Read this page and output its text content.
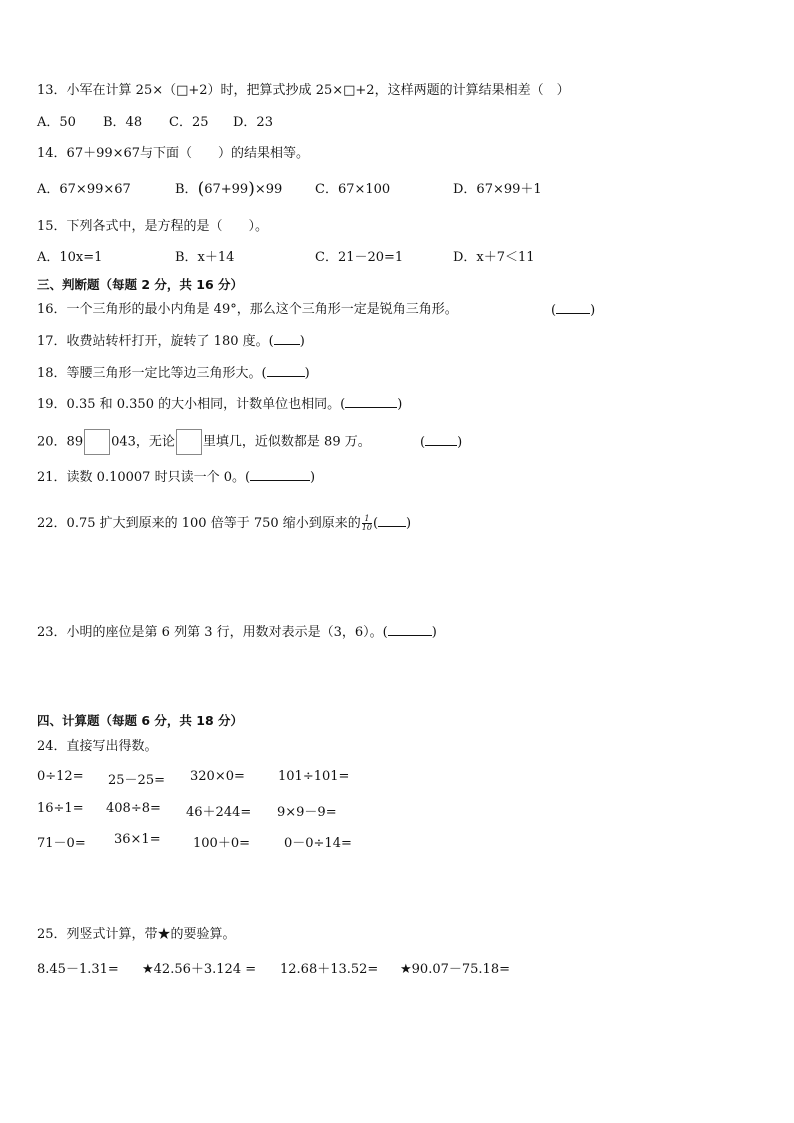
13．小军在计算 25×（□+2）时，把算式抄成 25×□+2，这样两题的计算结果相差（　）
A．50 B．48 C．25 D．23
14．67＋99×67与下面（　　）的结果相等。
A．67×99×67	B．(67+99)×99	C．67×100	D．67×99＋1
15．下列各式中，是方程的是（　　）。
A．10x=1	B．x＋14	C．21－20=1	D．x＋7＜11
三、判断题（每题 2 分，共 16 分）
16．一个三角形的最小内角是 49°，那么这个三角形一定是锐角三角形。	(	)
17．收费站转杆打开，旋转了 180 度。( )
18．等腰三角形一定比等边三角形大。(	)
19．0.35 和 0.350 的大小相同，计数单位也相同。(	)
20．89 043，无论 里填几，近似数都是 89 万。	( )
21．读数 0.10007 时只读一个 0。(	)
22．0.75 扩大到原来的 100 倍等于 750 缩小到原来的 $\frac{1}{10}$ ( )
23．小明的座位是第 6 列第 3 行，用数对表示是（3，6）。(	)
四、计算题（每题 6 分，共 18 分）
24．直接写出得数。
0÷12= 25－25= 320×0=	101÷101=
16÷1= 408÷8= 46＋244= 9×9－9=
71－0= 36×1= 100＋0=	0－0÷14=
25．列竖式计算，带★的要验算。
8.45－1.31= ★42.56＋3.124 = 12.68＋13.52= ★90.07－75.18=
